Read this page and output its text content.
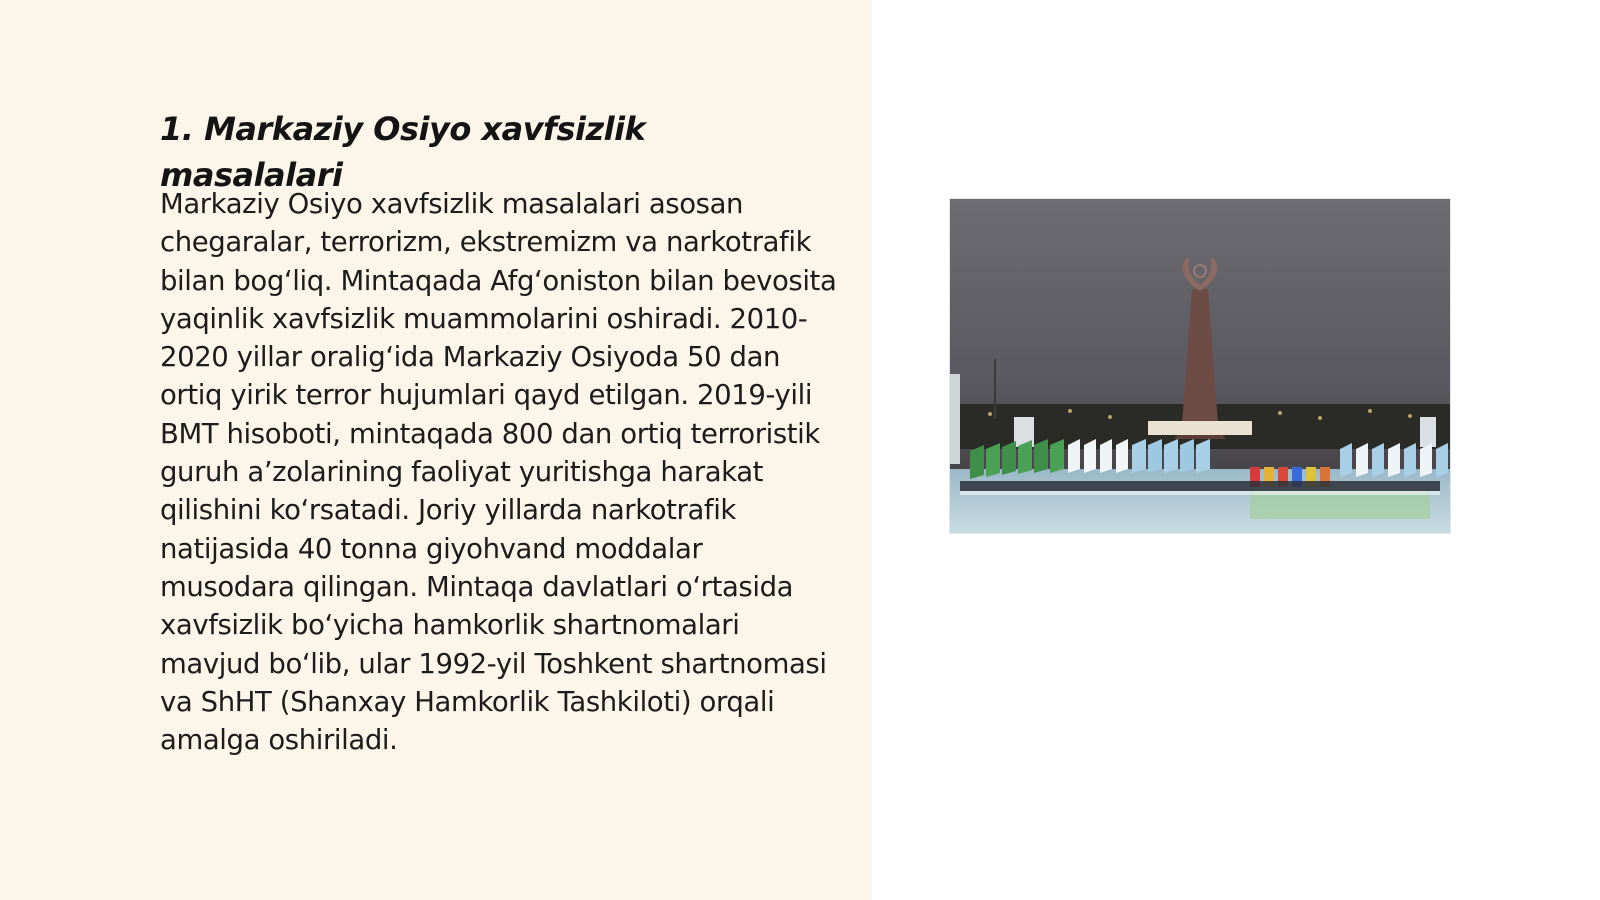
1. Markaziy Osiyo xavfsizlik masalalari

Markaziy Osiyo xavfsizlik masalalari asosan chegaralar, terrorizm, ekstremizm va narkotrafik bilan bog‘liq. Mintaqada Afg‘oniston bilan bevosita yaqinlik xavfsizlik muammolarini oshiradi. 2010-2020 yillar oralig‘ida Markaziy Osiyoda 50 dan ortiq yirik terror hujumlari qayd etilgan. 2019-yili BMT hisoboti, mintaqada 800 dan ortiq terroristik guruh a’zolarining faoliyat yuritishga harakat qilishini ko‘rsatadi. Joriy yillarda narkotrafik natijasida 40 tonna giyohvand moddalar musodara qilingan. Mintaqa davlatlari o‘rtasida xavfsizlik bo‘yicha hamkorlik shartnomalari mavjud bo‘lib, ular 1992-yil Toshkent shartnomasi va ShHT (Shanxay Hamkorlik Tashkiloti) orqali amalga oshiriladi.
